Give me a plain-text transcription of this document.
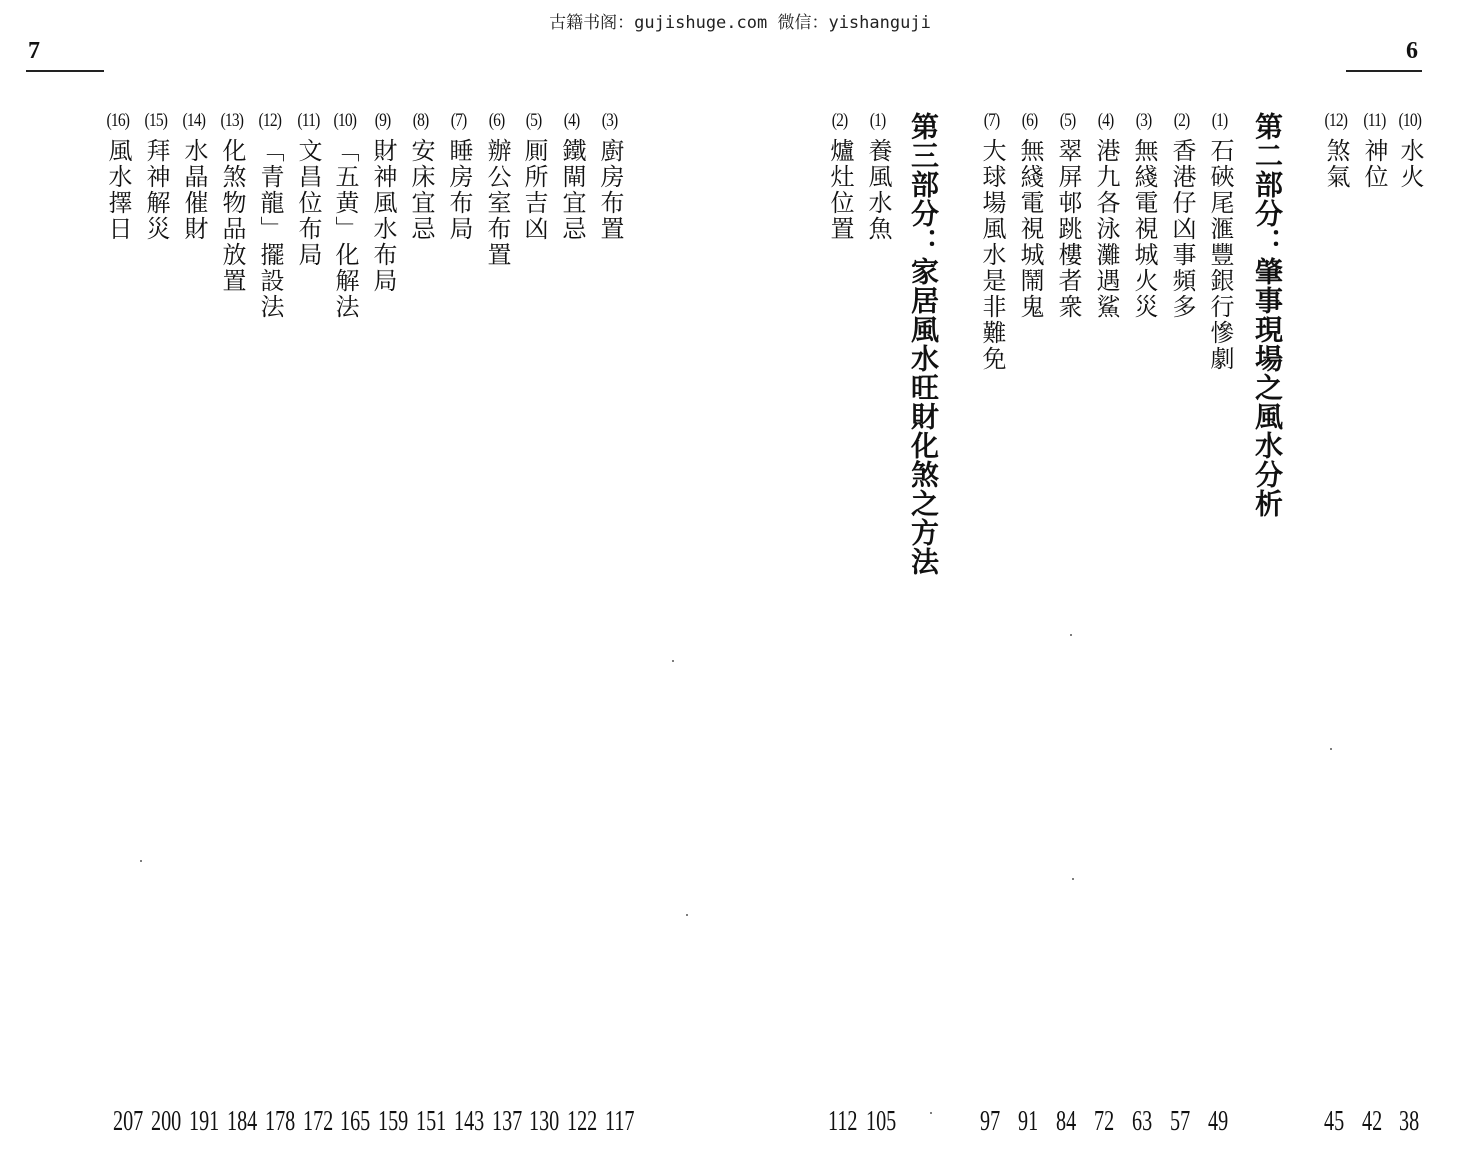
古籍书阁：gujishuge.com 微信：yishanguji
7
(3)
廚房布置
(4)
鐵閘宜忌
(5)
厠所吉凶
(6)
辦公室布置
(7)
睡房布局
(8)
安床宜忌
(9)
財神風水布局
(10)
「五黄」化解法
(11)
文昌位布局
(12)
「青龍」擺設法
(13)
化煞物品放置
(14)
水晶催財
(15)
拜神解災
(16)
風水擇日
117
122
130
137
143
151
159
165
172
178
184
191
200
207
6
(10)
水火
(11)
神位
(12)
煞氣
第二部分：肇事現場之風水分析
(1)
石硤尾滙豐銀行慘劇
(2)
香港仔凶事頻多
(3)
無綫電視城火災
(4)
港九各泳灘遇鯊
(5)
翠屏邨跳樓者衆
(6)
無綫電視城鬧鬼
(7)
大球場風水是非難免
第三部分：家居風水旺財化煞之方法
(1)
養風水魚
(2)
爐灶位置
38
42
45
49
57
63
72
84
91
97
105
112
